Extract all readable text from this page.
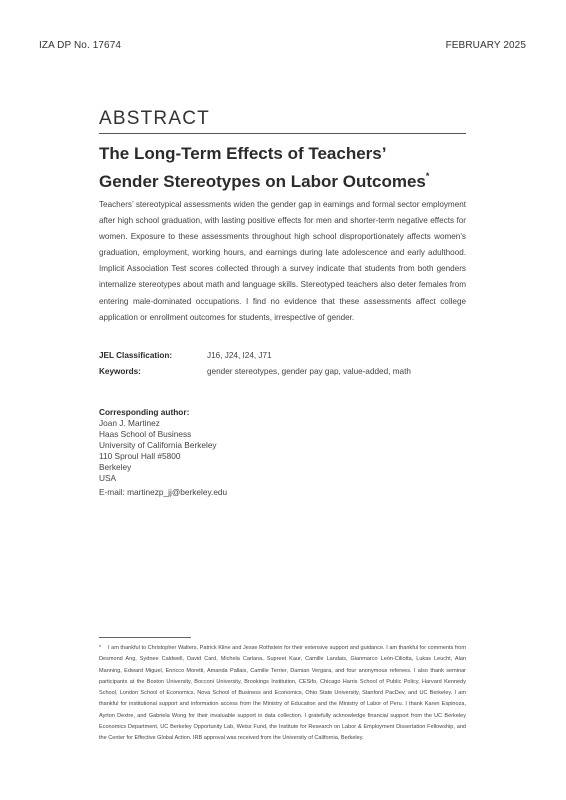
IZA DP No. 17674	FEBRUARY 2025
ABSTRACT
The Long-Term Effects of Teachers’
Gender Stereotypes on Labor Outcomes*
Teachers’ stereotypical assessments widen the gender gap in earnings and formal sector employment after high school graduation, with lasting positive effects for men and shorter-term negative effects for women. Exposure to these assessments throughout high school disproportionately affects women’s graduation, employment, working hours, and earnings during late adolescence and early adulthood. Implicit Association Test scores collected through a survey indicate that students from both genders internalize stereotypes about math and language skills. Stereotyped teachers also deter females from entering male-dominated occupations. I find no evidence that these assessments affect college application or enrollment outcomes for students, irrespective of gender.
JEL Classification:	J16, J24, I24, J71
Keywords:	gender stereotypes, gender pay gap, value-added, math
Corresponding author:
Joan J. Martinez
Haas School of Business
University of California Berkeley
110 Sproul Hall #5800
Berkeley
USA
E-mail: martinezp_jj@berkeley.edu
* I am thankful to Christopher Walters, Patrick Kline and Jesse Rothstein for their extensive support and guidance. I am thankful for comments from Desmond Ang, Sydnee Caldwell, David Card, Michela Carlana, Supreet Kaur, Camille Landais, Gianmarco León-Ciliotta, Lukas Leucht, Alan Manning, Edward Miguel, Enricco Moretti, Amanda Pallais, Camille Terrier, Damian Vergara, and four anonymous referees. I also thank seminar participants at the Boston University, Bocconi University, Brookings Institution, CESifo, Chicago Harris School of Public Policy, Harvard Kennedy School, London School of Economics, Nova School of Business and Economics, Ohio State University, Stanford PacDev, and UC Berkeley. I am thankful for institutional support and information access from the Ministry of Education and the Ministry of Labor of Peru. I thank Karen Espinoza, Ayrton Dextre, and Gabriela Wong for their invaluable support in data collection. I gratefully acknowledge financial support from the UC Berkeley Economics Department, UC Berkeley Opportunity Lab, Weiss Fund, the Institute for Research on Labor & Employment Dissertation Fellowship, and the Center for Effective Global Action. IRB approval was received from the University of California, Berkeley.
